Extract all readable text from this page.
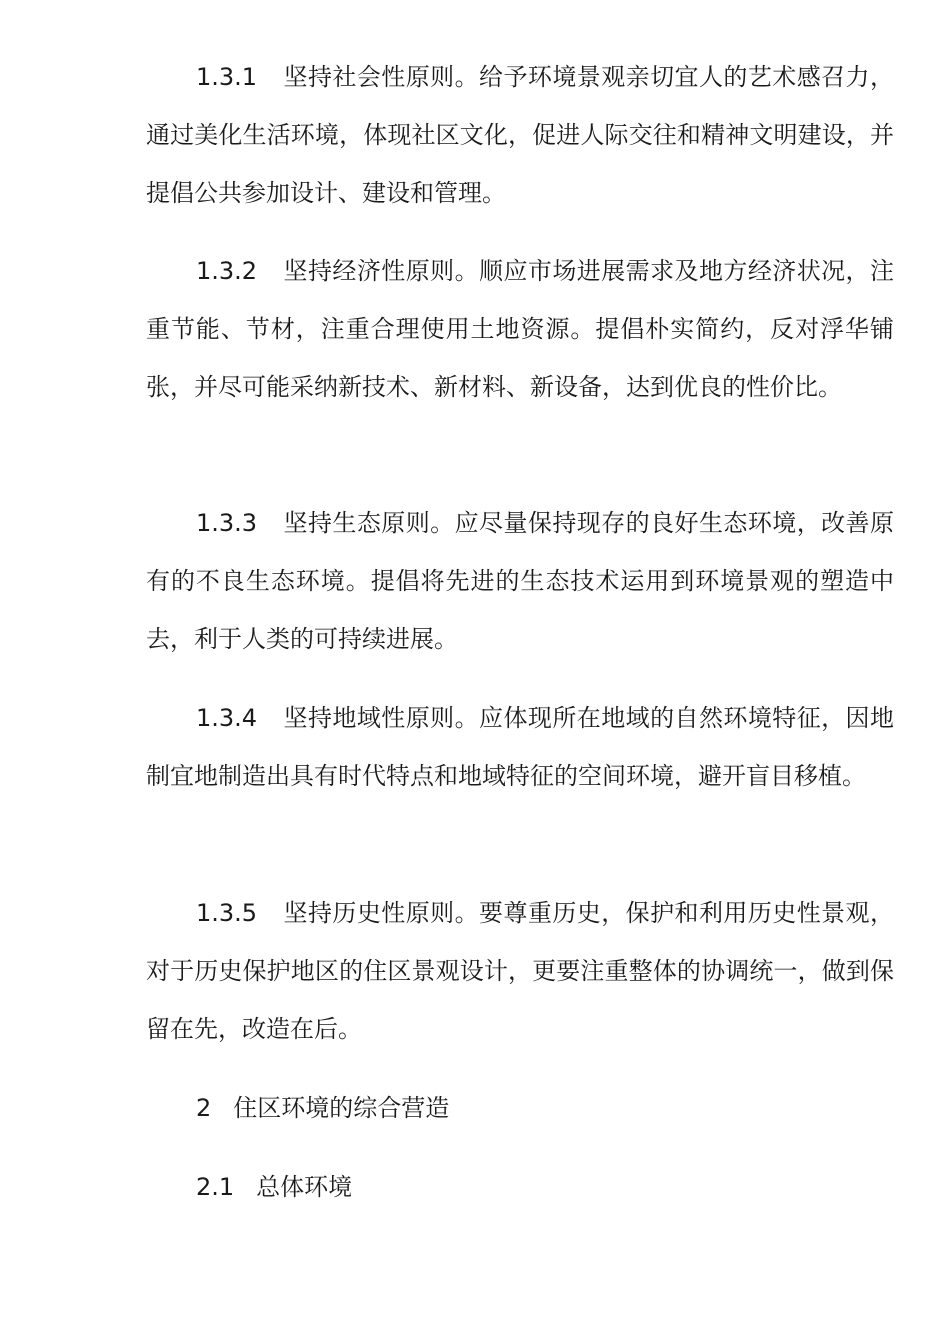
1.3.1 坚持社会性原则。给予环境景观亲切宜人的艺术感召力，通过美化生活环境，体现社区文化，促进人际交往和精神文明建设，并提倡公共参加设计、建设和管理。

1.3.2 坚持经济性原则。顺应市场进展需求及地方经济状况，注重节能、节材，注重合理使用土地资源。提倡朴实简约，反对浮华铺张，并尽可能采纳新技术、新材料、新设备，达到优良的性价比。

1.3.3 坚持生态原则。应尽量保持现存的良好生态环境，改善原有的不良生态环境。提倡将先进的生态技术运用到环境景观的塑造中去，利于人类的可持续进展。

1.3.4 坚持地域性原则。应体现所在地域的自然环境特征，因地制宜地制造出具有时代特点和地域特征的空间环境，避开盲目移植。

1.3.5 坚持历史性原则。要尊重历史，保护和利用历史性景观，对于历史保护地区的住区景观设计，更要注重整体的协调统一，做到保留在先，改造在后。

2 住区环境的综合营造

2.1 总体环境
